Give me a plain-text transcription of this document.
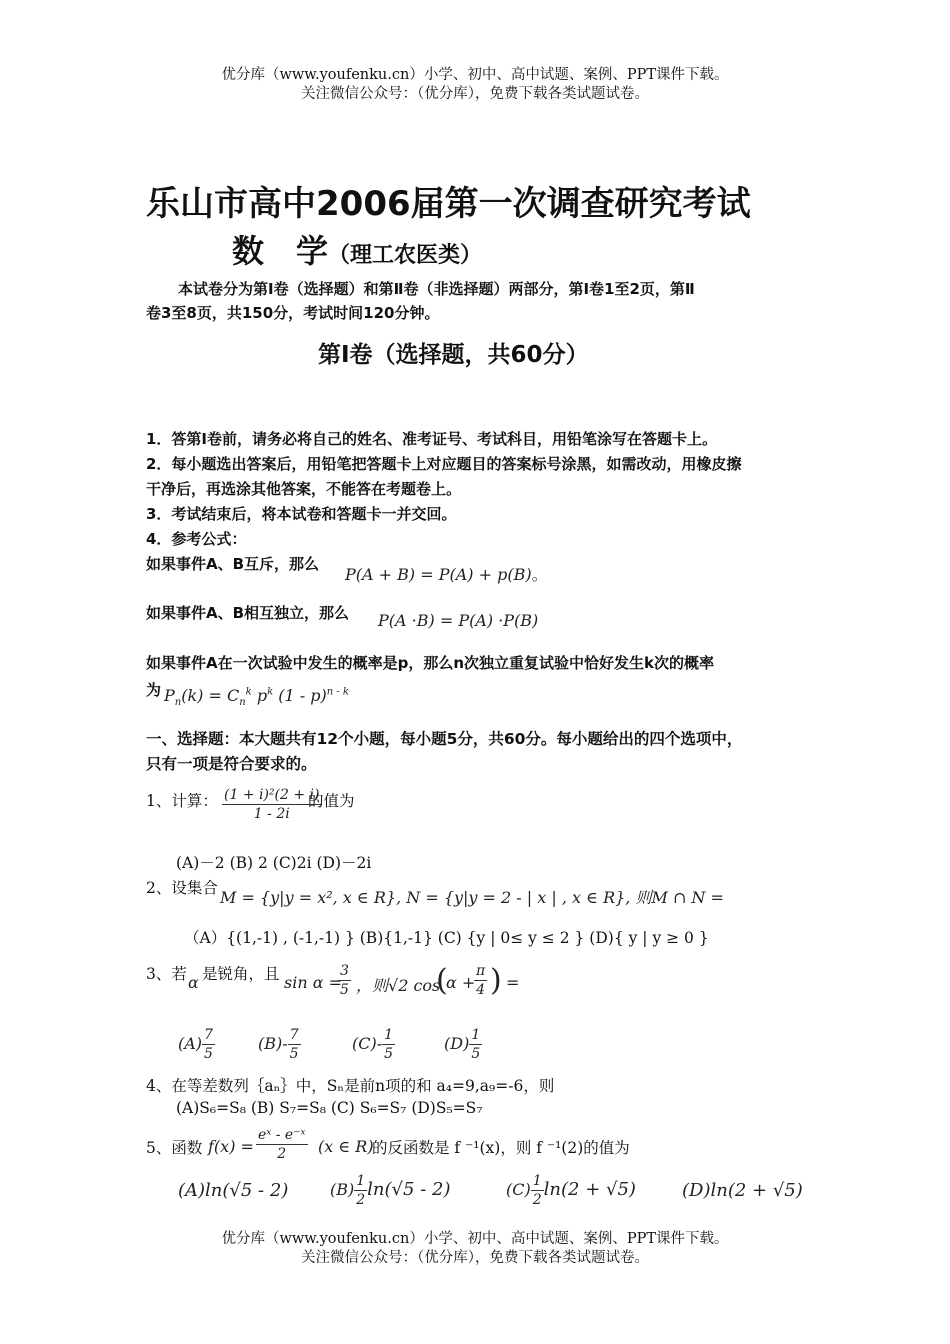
优分库（www.youfenku.cn）小学、初中、高中试题、案例、PPT课件下载。
关注微信公众号：（优分库），免费下载各类试题试卷。
乐山市高中2006届第一次调查研究考试
数　学（理工农医类）
本试卷分为第Ⅰ卷（选择题）和第Ⅱ卷（非选择题）两部分，第Ⅰ卷1至2页，第Ⅱ
卷3至8页，共150分，考试时间120分钟。
第Ⅰ卷（选择题，共60分）
1．答第Ⅰ卷前，请务必将自己的姓名、准考证号、考试科目，用铅笔涂写在答题卡上。
2．每小题选出答案后，用铅笔把答题卡上对应题目的答案标号涂黑，如需改动，用橡皮擦
干净后，再选涂其他答案，不能答在考题卷上。
3．考试结束后，将本试卷和答题卡一并交回。
4．参考公式：
如果事件A、B互斥，那么
P(A + B) = P(A) + p(B)。
如果事件A、B相互独立，那么 P(A ·B) = P(A) ·P(B)
如果事件A在一次试验中发生的概率是p，那么n次独立重复试验中恰好发生k次的概率
为 $P_n(k) = C_n^k$ $p^k$ (1 - p)$^{n - k}$
一、选择题：本大题共有12个小题，每小题5分，共60分。每小题给出的四个选项中，
只有一项是符合要求的。
1、计算： $\frac{\text{(1 + i)²(2 + i)}}{1 - 2i}$
的值为
(A)－2 (B) 2 (C)2i (D)－2i
2、设集合 M = {y|y = x², x ∈ R}, N = {y|y = 2 - | x | , x ∈ R}, 则M ∩ N =
（A）{(1,-1) , (-1,-1) } (B){1,-1} (C) {y | 0≤ y ≤ 2 } (D){ y | y ≥ 0 }
3、若 α 是锐角，且 sin α =
$\frac{3}{5}$ ，则√2 cos
(
α +
$\frac{\pi}{4}$ ) =
$(A) \frac{7}{5}$	$(B)- \frac{7}{5}$	$(C)- \frac{1}{5}$	$(D) \frac{1}{5}$
4、在等差数列｛aₙ｝中，Sₙ是前n项的和 a₄=9,a₉=-6，则
(A)S₆=S₈ (B) S₇=S₈ (C) S₆=S₇ (D)S₅=S₇
5、函数 $f(x) = \frac{\text{eˣ - e⁻ˣ}}{2} (x$ ∈ R)
的反函数是 f ⁻¹(x)，则 f ⁻¹(2)的值为
(A)ln(√5 - 2)	$(B) \frac{1}{2} \ln(√5 - 2)$	$(C) \frac{1}{2} \ln(2 + √5)$	(D)ln(2 + √5)
优分库（www.youfenku.cn）小学、初中、高中试题、案例、PPT课件下载。
关注微信公众号：（优分库），免费下载各类试题试卷。
